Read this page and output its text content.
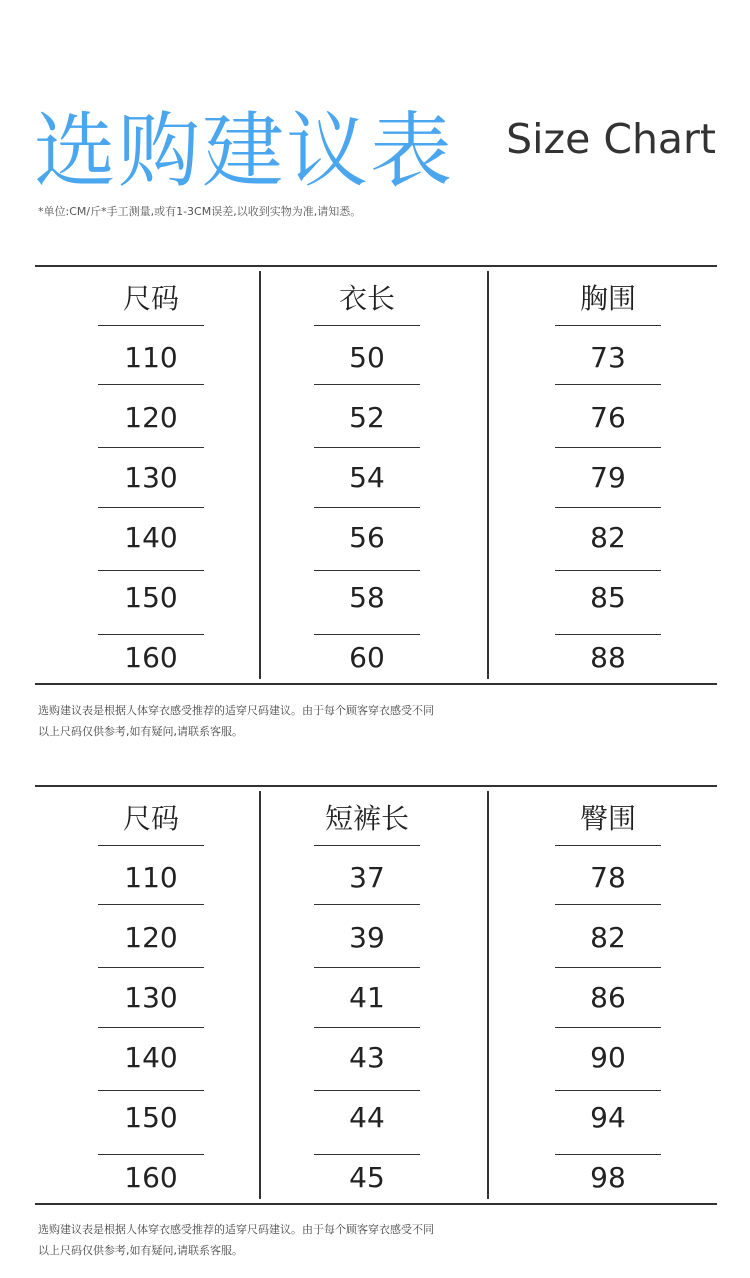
选购建议表 Size Chart
*单位:CM/斤*手工测量,或有1-3CM误差,以收到实物为准,请知悉。
尺码
110
120
130
140
150
160
衣长
50
52
54
56
58
60
胸围
73
76
79
82
85
88
选购建议表是根据人体穿衣感受推荐的适穿尺码建议。由于每个顾客穿衣感受不同
以上尺码仅供参考,如有疑问,请联系客服。
尺码
110
120
130
140
150
160
短裤长
37
39
41
43
44
45
臀围
78
82
86
90
94
98
选购建议表是根据人体穿衣感受推荐的适穿尺码建议。由于每个顾客穿衣感受不同
以上尺码仅供参考,如有疑问,请联系客服。
